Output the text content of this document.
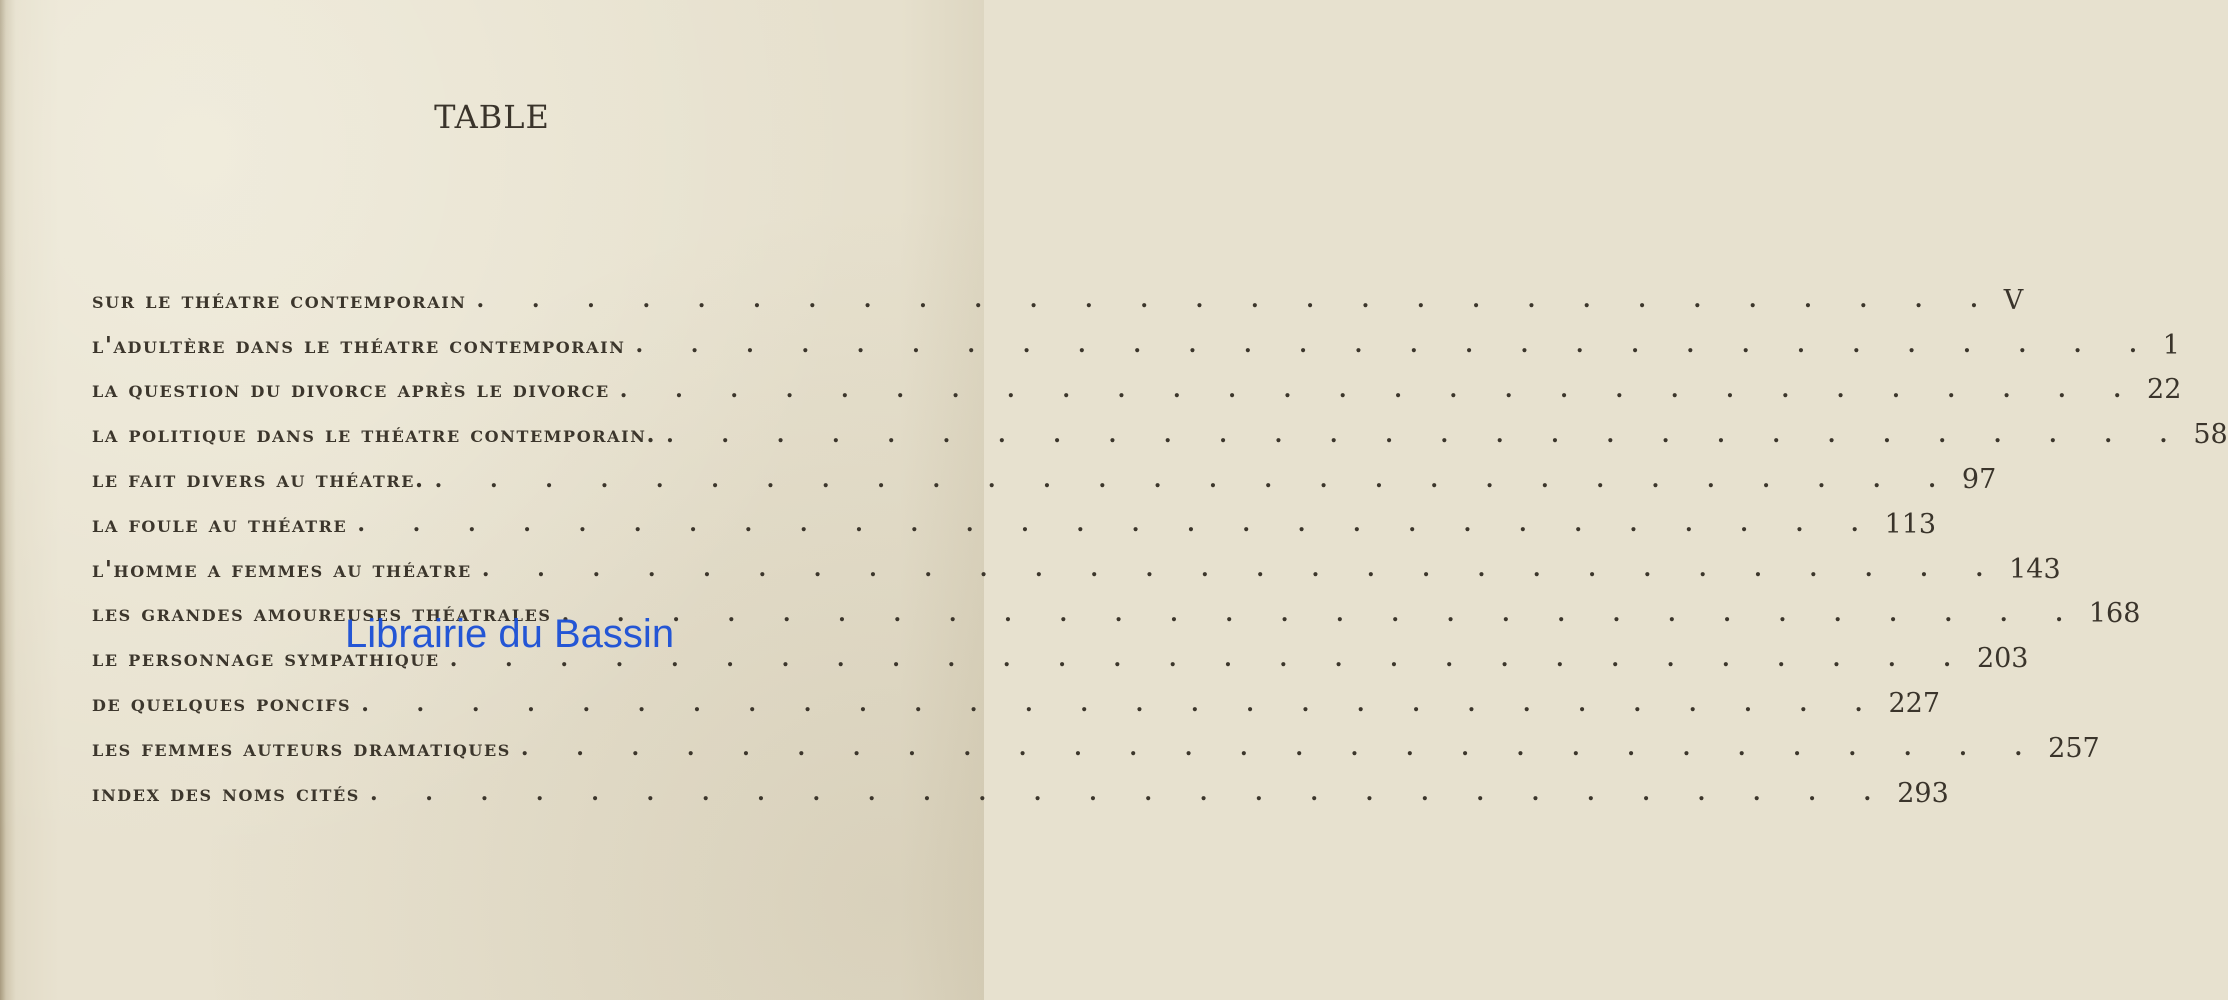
TABLE
sur le théatre contemporain . . . . . . . . . . . . . . . . . . . . . . . . . . . . V
l'adultère dans le théatre contemporain . . . . . . . . . . . . . . . . . . . . . . . . . . . . 1
la question du divorce après le divorce . . . . . . . . . . . . . . . . . . . . . . . . . . . . 22
la politique dans le théatre contemporain. . . . . . . . . . . . . . . . . . . . . . . . . . . . . 58
le fait divers au théatre. . . . . . . . . . . . . . . . . . . . . . . . . . . . . 97
la foule au théatre . . . . . . . . . . . . . . . . . . . . . . . . . . . . 113
l'homme a femmes au théatre . . . . . . . . . . . . . . . . . . . . . . . . . . . . 143
les grandes amoureuses théatrales . . . . . . . . . . . . . . . . . . . . . . . . . . . . 168
le personnage sympathique . . . . . . . . . . . . . . . . . . . . . . . . . . . . 203
de quelques poncifs . . . . . . . . . . . . . . . . . . . . . . . . . . . . 227
les femmes auteurs dramatiques . . . . . . . . . . . . . . . . . . . . . . . . . . . . 257
index des noms cités . . . . . . . . . . . . . . . . . . . . . . . . . . . . 293
Librairie du Bassin
